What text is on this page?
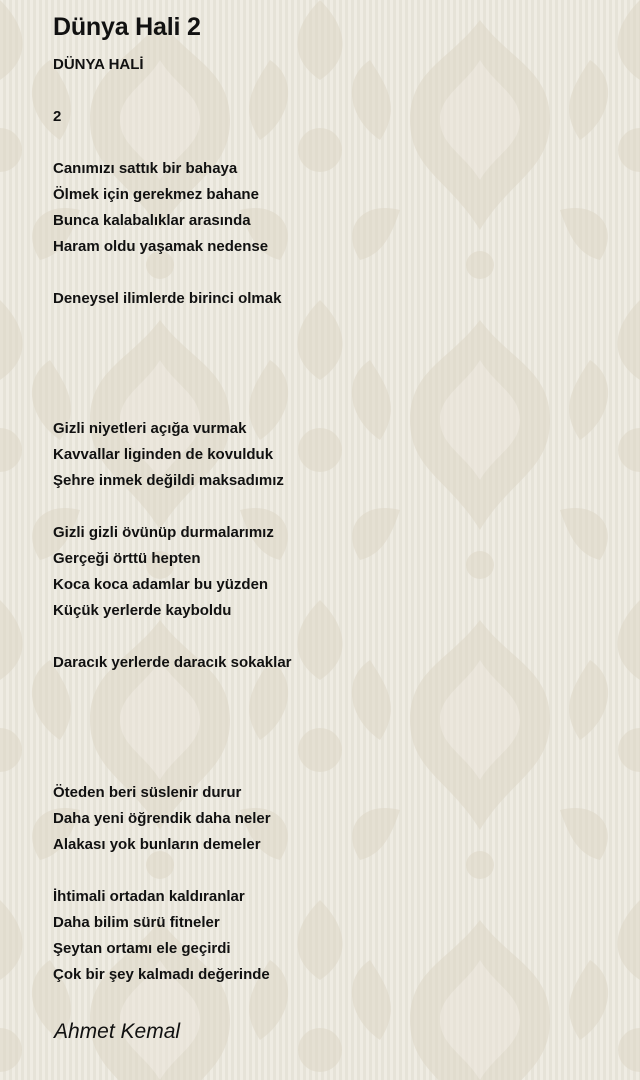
Dünya Hali 2
DÜNYA HALİ
2
Canımızı sattık bir bahaya
Ölmek için gerekmez bahane
Bunca kalabalıklar arasında
Haram oldu yaşamak nedense
Deneysel ilimlerde birinci olmak
Gizli niyetleri açığa vurmak
Kavvallar liginden de kovulduk
Şehre inmek değildi maksadımız
Gizli gizli övünüp durmalarımız
Gerçeği örttü hepten
Koca koca adamlar bu yüzden
Küçük yerlerde kayboldu
Daracık yerlerde daracık sokaklar
Öteden beri süslenir durur
Daha yeni öğrendik daha neler
Alakası yok bunların demeler
İhtimali ortadan kaldıranlar
Daha bilim sürü fitneler
Şeytan ortamı ele geçirdi
Çok bir şey kalmadı değerinde
Ahmet Kemal
